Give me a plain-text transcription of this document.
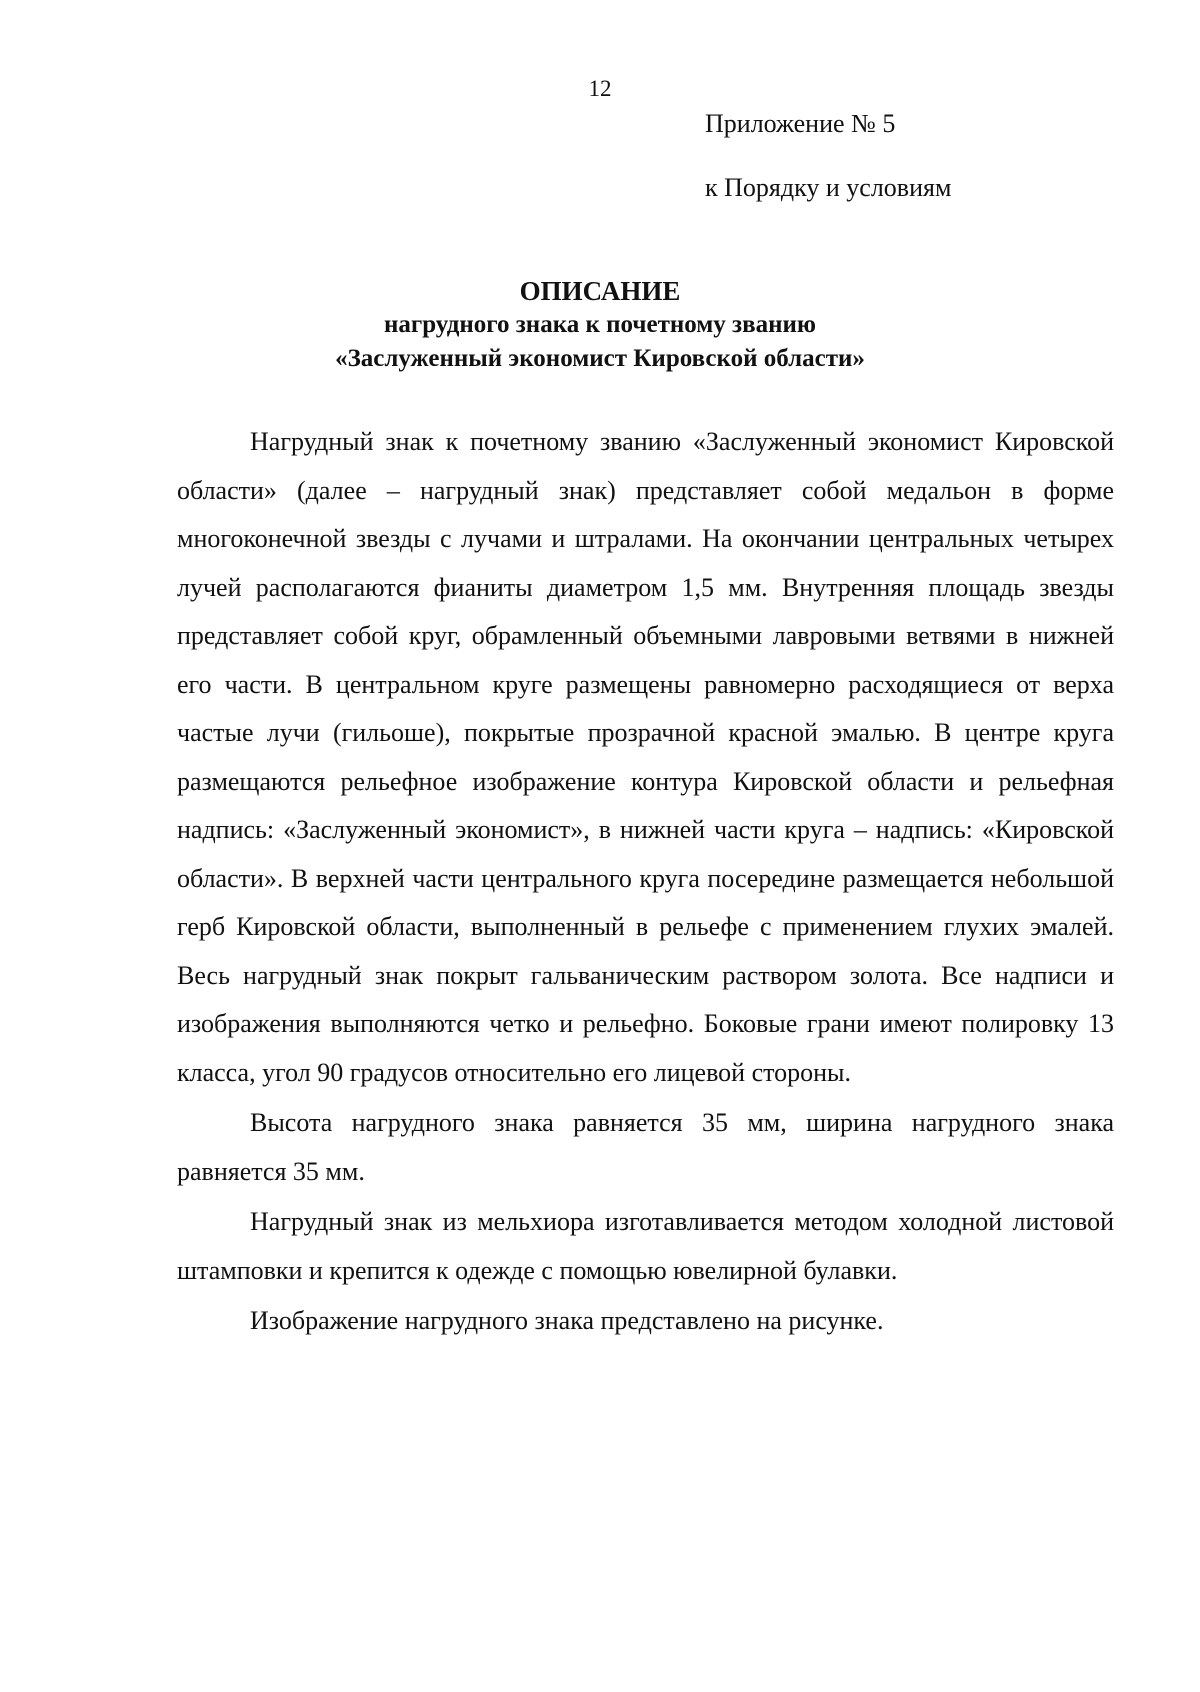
12
Приложение № 5
к Порядку и условиям
ОПИСАНИЕ
нагрудного знака к почетному званию
«Заслуженный экономист Кировской области»

Нагрудный знак к почетному званию «Заслуженный экономист Кировской области» (далее – нагрудный знак) представляет собой медальон в форме многоконечной звезды с лучами и штралами. На окончании центральных четырех лучей располагаются фианиты диаметром 1,5 мм. Внутренняя площадь звезды представляет собой круг, обрамленный объемными лавровыми ветвями в нижней его части. В центральном круге размещены равномерно расходящиеся от верха частые лучи (гильоше), покрытые прозрачной красной эмалью. В центре круга размещаются рельефное изображение контура Кировской области и рельефная надпись: «Заслуженный экономист», в нижней части круга – надпись: «Кировской области». В верхней части центрального круга посередине размещается небольшой герб Кировской области, выполненный в рельефе с применением глухих эмалей. Весь нагрудный знак покрыт гальваническим раствором золота. Все надписи и изображения выполняются четко и рельефно. Боковые грани имеют полировку 13 класса, угол 90 градусов относительно его лицевой стороны.

Высота нагрудного знака равняется 35 мм, ширина нагрудного знака равняется 35 мм.

Нагрудный знак из мельхиора изготавливается методом холодной листовой штамповки и крепится к одежде с помощью ювелирной булавки.

Изображение нагрудного знака представлено на рисунке.
